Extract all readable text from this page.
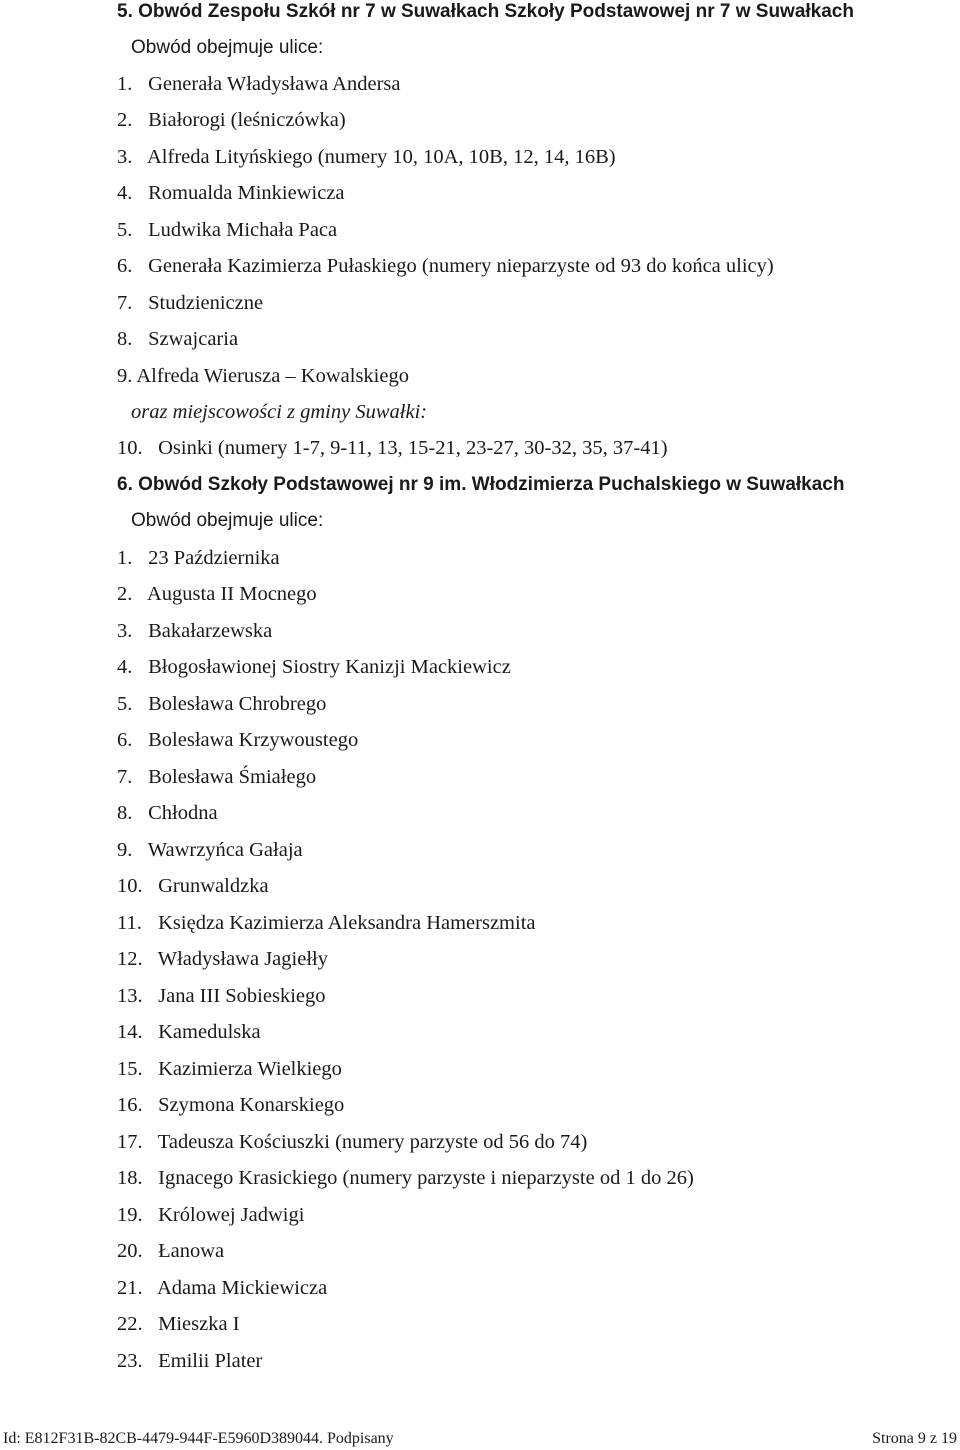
5. Obwód Zespołu Szkół nr 7 w Suwałkach Szkoły Podstawowej nr 7 w Suwałkach
Obwód obejmuje ulice:
1. Generała Władysława Andersa
2. Białorogi (leśniczówka)
3. Alfreda Lityńskiego (numery 10, 10A, 10B, 12, 14, 16B)
4. Romualda Minkiewicza
5. Ludwika Michała Paca
6. Generała Kazimierza Pułaskiego (numery nieparzyste od 93 do końca ulicy)
7. Studzieniczne
8. Szwajcaria
9. Alfreda Wierusza – Kowalskiego
oraz miejscowości z gminy Suwałki:
10. Osinki (numery 1-7, 9-11, 13, 15-21, 23-27, 30-32, 35, 37-41)
6. Obwód Szkoły Podstawowej nr 9 im. Włodzimierza Puchalskiego w Suwałkach
Obwód obejmuje ulice:
1. 23 Października
2. Augusta II Mocnego
3. Bakałarzewska
4. Błogosławionej Siostry Kanizji Mackiewicz
5. Bolesława Chrobrego
6. Bolesława Krzywoustego
7. Bolesława Śmiałego
8. Chłodna
9. Wawrzyńca Gałaja
10. Grunwaldzka
11. Księdza Kazimierza Aleksandra Hamerszmita
12. Władysława Jagiełły
13. Jana III Sobieskiego
14. Kamedulska
15. Kazimierza Wielkiego
16. Szymona Konarskiego
17. Tadeusza Kościuszki (numery parzyste od 56 do 74)
18. Ignacego Krasickiego (numery parzyste i nieparzyste od 1 do 26)
19. Królowej Jadwigi
20. Łanowa
21. Adama Mickiewicza
22. Mieszka I
23. Emilii Plater
Id: E812F31B-82CB-4479-944F-E5960D389044. Podpisany	Strona 9 z 19
